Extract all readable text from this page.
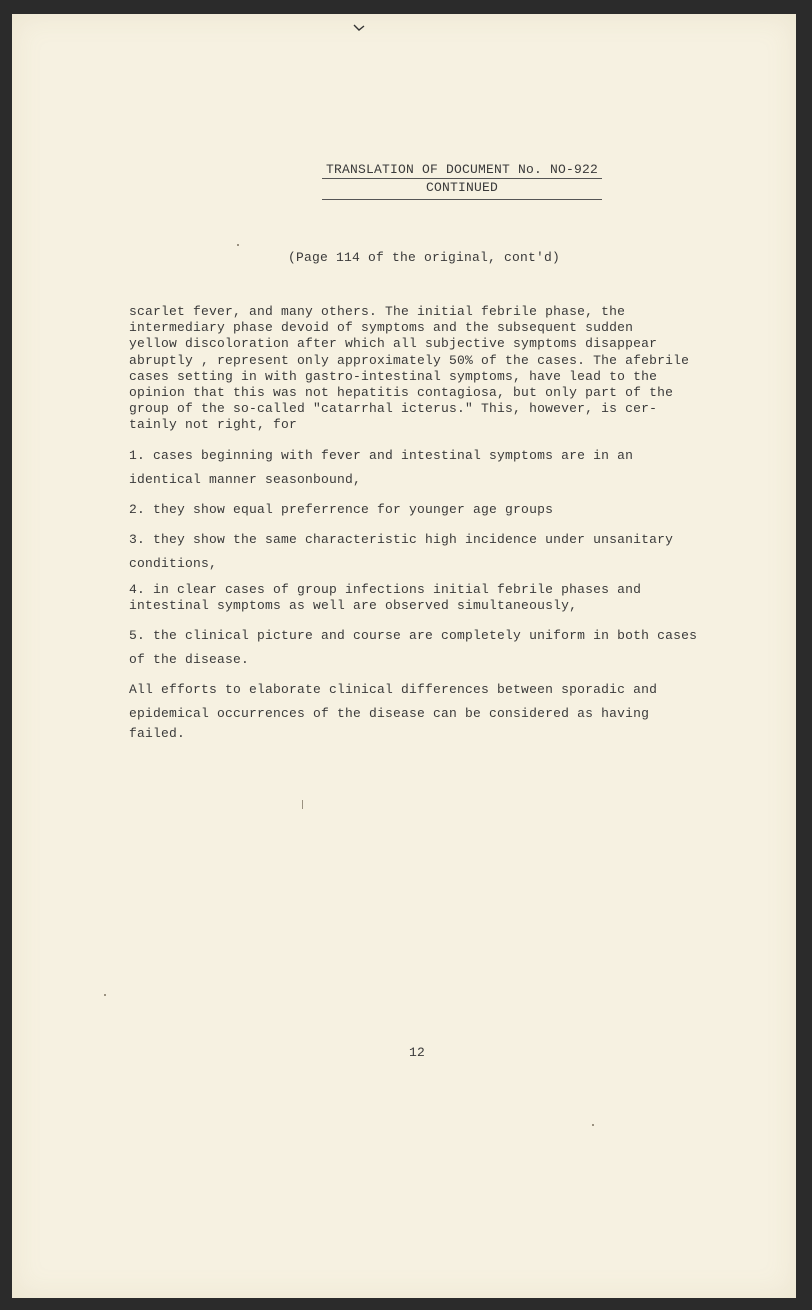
TRANSLATION OF DOCUMENT No. NO-922
CONTINUED
(Page 114 of the original, cont'd)

scarlet fever, and many others. The initial febrile phase, the

intermediary phase devoid of symptoms and the subsequent sudden

yellow discoloration after which all subjective symptoms disappear

abruptly , represent only approximately 50% of the cases. The afebrile

cases setting in with gastro-intestinal symptoms, have lead to the

opinion that this was not hepatitis contagiosa, but only part of the

group of the so-called "catarrhal icterus." This, however, is cer-

tainly not right, for

1. cases beginning with fever and intestinal symptoms are in an

identical manner seasonbound,

2. they show equal preferrence for younger age groups

3. they show the same characteristic high incidence under unsanitary

conditions,

4. in clear cases of group infections initial febrile phases and

intestinal symptoms as well are observed simultaneously,

5. the clinical picture and course are completely uniform in both cases

of the disease.

All efforts to elaborate clinical differences between sporadic and

epidemical occurrences of the disease can be considered as having

failed.

12
